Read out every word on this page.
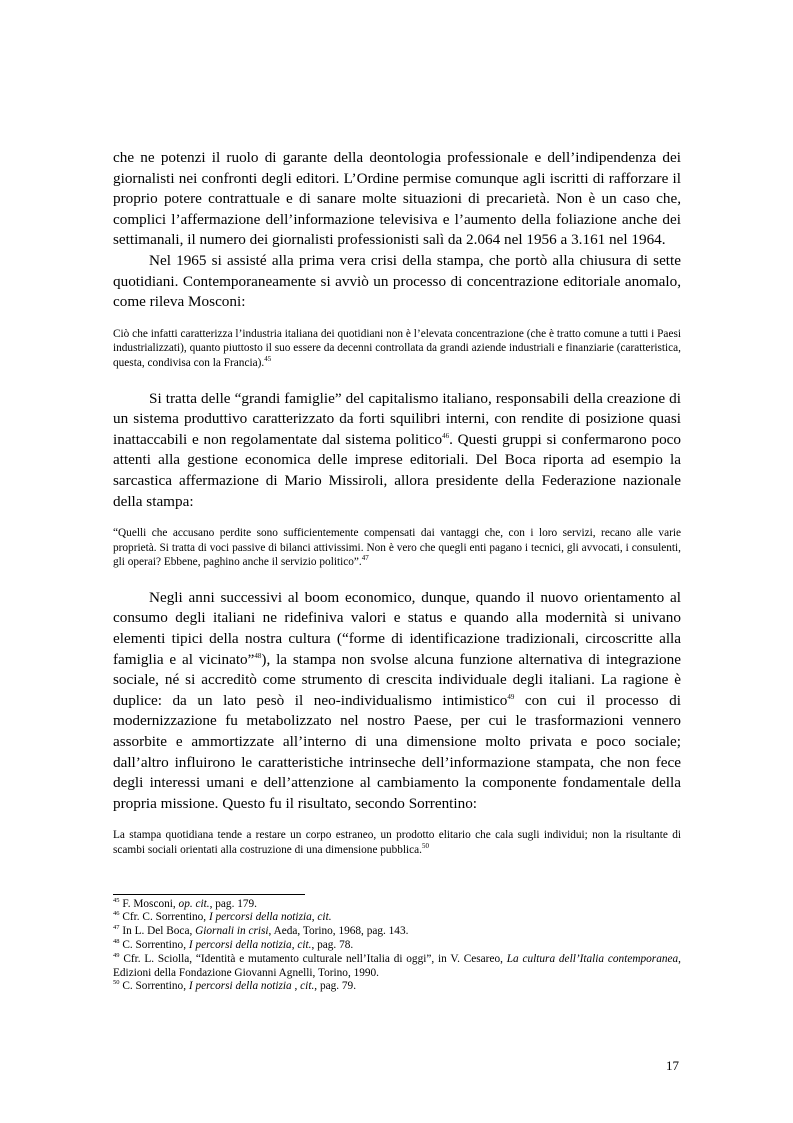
che ne potenzi il ruolo di garante della deontologia professionale e dell’indipendenza dei giornalisti nei confronti degli editori. L’Ordine permise comunque agli iscritti di rafforzare il proprio potere contrattuale e di sanare molte situazioni di precarietà. Non è un caso che, complici l’affermazione dell’informazione televisiva e l’aumento della foliazione anche dei settimanali, il numero dei giornalisti professionisti salì da 2.064 nel 1956 a 3.161 nel 1964.

Nel 1965 si assisté alla prima vera crisi della stampa, che portò alla chiusura di sette quotidiani. Contemporaneamente si avviò un processo di concentrazione editoriale anomalo, come rileva Mosconi:

Ciò che infatti caratterizza l’industria italiana dei quotidiani non è l’elevata concentrazione (che è tratto comune a tutti i Paesi industrializzati), quanto piuttosto il suo essere da decenni controllata da grandi aziende industriali e finanziarie (caratteristica, questa, condivisa con la Francia).$^{45}$

Si tratta delle “grandi famiglie” del capitalismo italiano, responsabili della creazione di un sistema produttivo caratterizzato da forti squilibri interni, con rendite di posizione quasi inattaccabili e non regolamentate dal sistema politico$^{46}$. Questi gruppi si confermarono poco attenti alla gestione economica delle imprese editoriali. Del Boca riporta ad esempio la sarcastica affermazione di Mario Missiroli, allora presidente della Federazione nazionale della stampa:

“Quelli che accusano perdite sono sufficientemente compensati dai vantaggi che, con i loro servizi, recano alle varie proprietà. Si tratta di voci passive di bilanci attivissimi. Non è vero che quegli enti pagano i tecnici, gli avvocati, i consulenti, gli operai? Ebbene, paghino anche il servizio politico”.$^{47}$

Negli anni successivi al boom economico, dunque, quando il nuovo orientamento al consumo degli italiani ne ridefiniva valori e status e quando alla modernità si univano elementi tipici della nostra cultura (“forme di identificazione tradizionali, circoscritte alla famiglia e al vicinato”$^{48}$), la stampa non svolse alcuna funzione alternativa di integrazione sociale, né si accreditò come strumento di crescita individuale degli italiani. La ragione è duplice: da un lato pesò il neo-individualismo intimistico$^{49}$ con cui il processo di modernizzazione fu metabolizzato nel nostro Paese, per cui le trasformazioni vennero assorbite e ammortizzate all’interno di una dimensione molto privata e poco sociale; dall’altro influirono le caratteristiche intrinseche dell’informazione stampata, che non fece degli interessi umani e dell’attenzione al cambiamento la componente fondamentale della propria missione. Questo fu il risultato, secondo Sorrentino:

La stampa quotidiana tende a restare un corpo estraneo, un prodotto elitario che cala sugli individui; non la risultante di scambi sociali orientati alla costruzione di una dimensione pubblica.$^{50}$

$^{45}$ F. Mosconi, op. cit., pag. 179.

$^{46}$ Cfr. C. Sorrentino, I percorsi della notizia, cit.

$^{47}$ In L. Del Boca, Giornali in crisi, Aeda, Torino, 1968, pag. 143.

$^{48}$ C. Sorrentino, I percorsi della notizia, cit., pag. 78.

$^{49}$ Cfr. L. Sciolla, “Identità e mutamento culturale nell’Italia di oggi”, in V. Cesareo, La cultura dell’Italia contemporanea, Edizioni della Fondazione Giovanni Agnelli, Torino, 1990.

$^{50}$ C. Sorrentino, I percorsi della notizia , cit., pag. 79.

17
